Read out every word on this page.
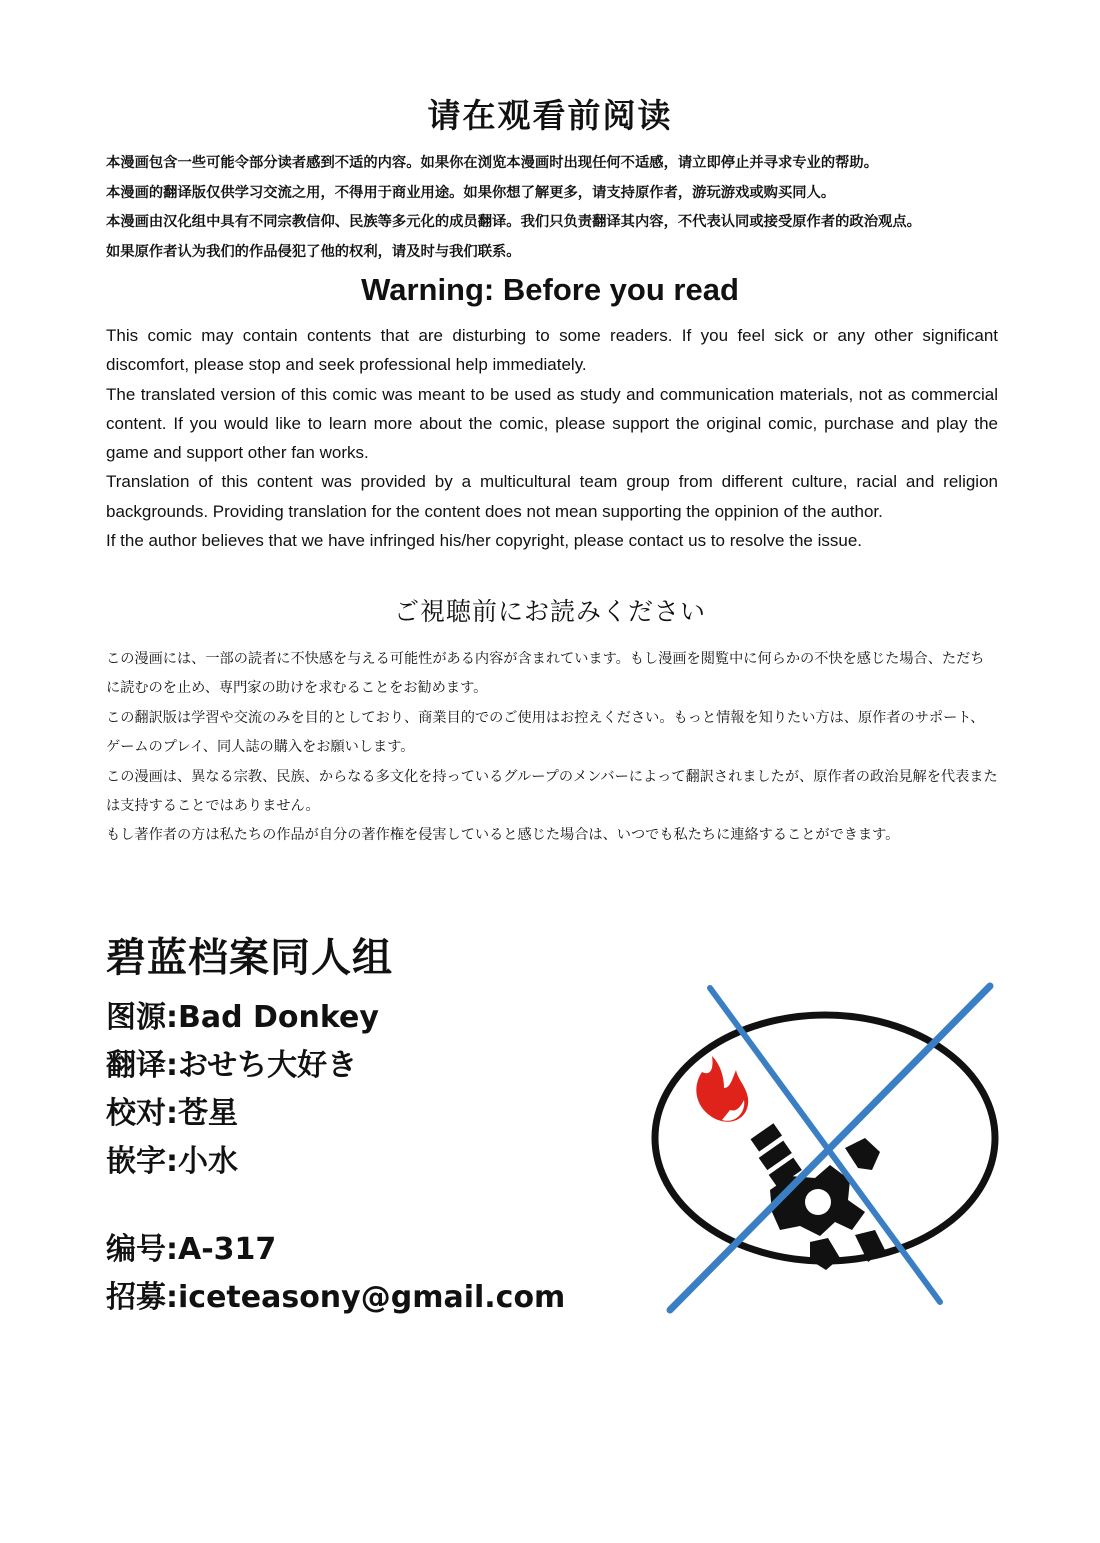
请在观看前阅读

本漫画包含一些可能令部分读者感到不适的内容。如果你在浏览本漫画时出现任何不适感，请立即停止并寻求专业的帮助。

本漫画的翻译版仅供学习交流之用，不得用于商业用途。如果你想了解更多，请支持原作者，游玩游戏或购买同人。

本漫画由汉化组中具有不同宗教信仰、民族等多元化的成员翻译。我们只负责翻译其内容，不代表认同或接受原作者的政治观点。

如果原作者认为我们的作品侵犯了他的权利，请及时与我们联系。

Warning: Before you read

This comic may contain contents that are disturbing to some readers. If you feel sick or any other significant discomfort, please stop and seek professional help immediately.

The translated version of this comic was meant to be used as study and communication materials, not as commercial content. If you would like to learn more about the comic, please support the original comic, purchase and play the game and support other fan works.

Translation of this content was provided by a multicultural team group from different culture, racial and religion backgrounds. Providing translation for the content does not mean supporting the oppinion of the author.

If the author believes that we have infringed his/her copyright, please contact us to resolve the issue.

ご視聴前にお読みください

この漫画には、一部の読者に不快感を与える可能性がある内容が含まれています。もし漫画を閲覧中に何らかの不快を感じた場合、ただちに読むのを止め、専門家の助けを求むることをお勧めます。

この翻訳版は学習や交流のみを目的としており、商業目的でのご使用はお控えください。もっと情報を知りたい方は、原作者のサポート、ゲームのプレイ、同人誌の購入をお願いします。

この漫画は、異なる宗教、民族、からなる多文化を持っているグループのメンバーによって翻訳されましたが、原作者の政治見解を代表または支持することではありません。

もし著作者の方は私たちの作品が自分の著作権を侵害していると感じた場合は、いつでも私たちに連絡することができます。

碧蓝档案同人组
图源:Bad Donkey
翻译:おせち大好き
校对:苍星
嵌字:小水
编号:A-317
招募:iceteasony@gmail.com
